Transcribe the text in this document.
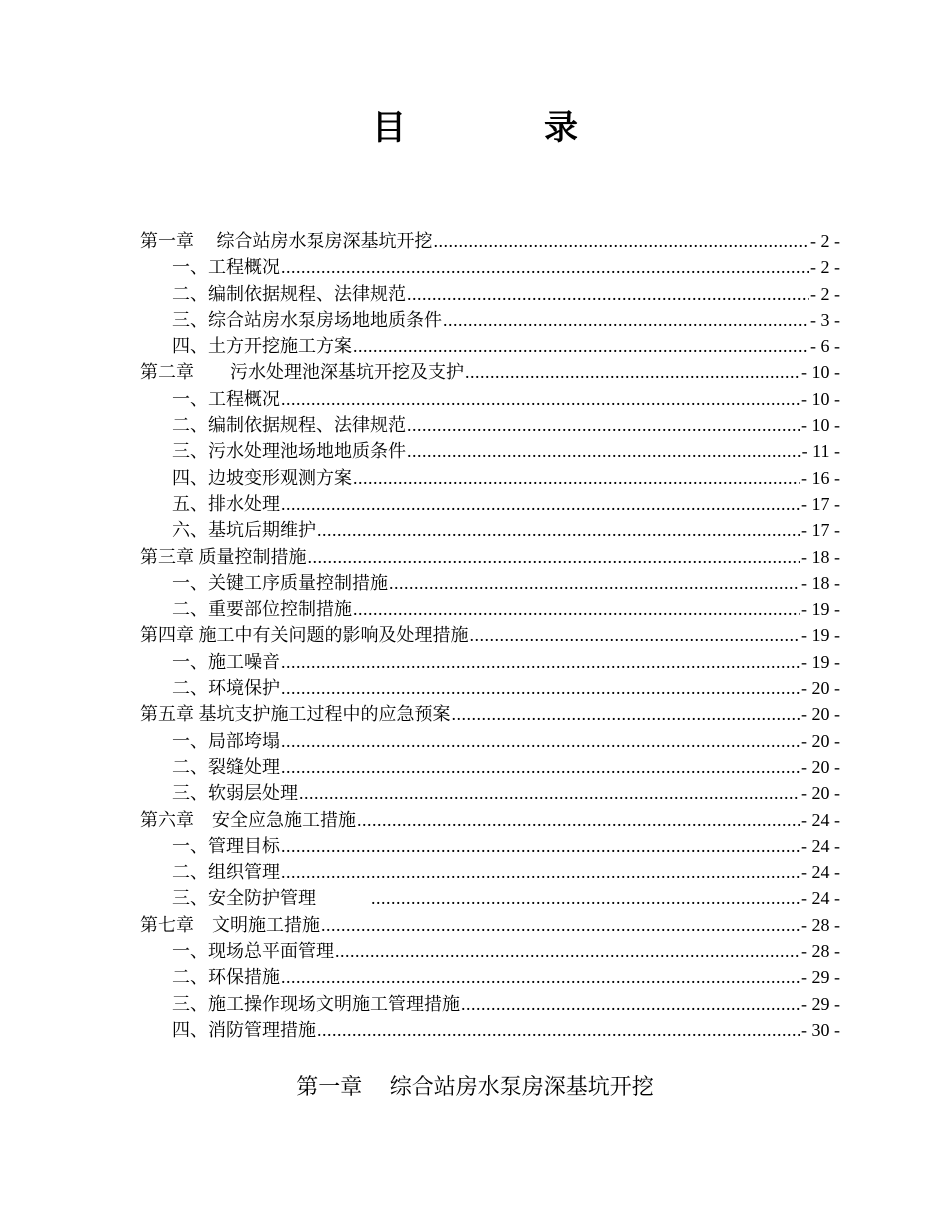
目	录
第一章　 综合站房水泵房深基坑开挖 .....	- 2 -
一、工程概况 .....	- 2 -
二、编制依据规程、法律规范 .....	- 2 -
三、综合站房水泵房场地地质条件 .....	- 3 -
四、土方开挖施工方案 .....	- 6 -
第二章　　污水处理池深基坑开挖及支护 .....	- 10 -
一、工程概况 .....	- 10 -
二、编制依据规程、法律规范 .....	- 10 -
三、污水处理池场地地质条件 .....	- 11 -
四、边坡变形观测方案 .....	- 16 -
五、排水处理 .....	- 17 -
六、基坑后期维护 .....	- 17 -
第三章 质量控制措施 .....	- 18 -
一、关键工序质量控制措施 .....	- 18 -
二、重要部位控制措施 .....	- 19 -
第四章 施工中有关问题的影响及处理措施 .....	- 19 -
一、施工噪音 .....	- 19 -
二、环境保护 .....	- 20 -
第五章 基坑支护施工过程中的应急预案 .....	- 20 -
一、局部垮塌 .....	- 20 -
二、裂缝处理 .....	- 20 -
三、软弱层处理 .....	- 20 -
第六章　安全应急施工措施 .....	- 24 -
一、管理目标 .....	- 24 -
二、组织管理 .....	- 24 -
三、安全防护管理　　　 .....	- 24 -
第七章　文明施工措施 .....	- 28 -
一、现场总平面管理 .....	- 28 -
二、环保措施 .....	- 29 -
三、施工操作现场文明施工管理措施 .....	- 29 -
四、消防管理措施 .....	- 30 -
第一章　 综合站房水泵房深基坑开挖
